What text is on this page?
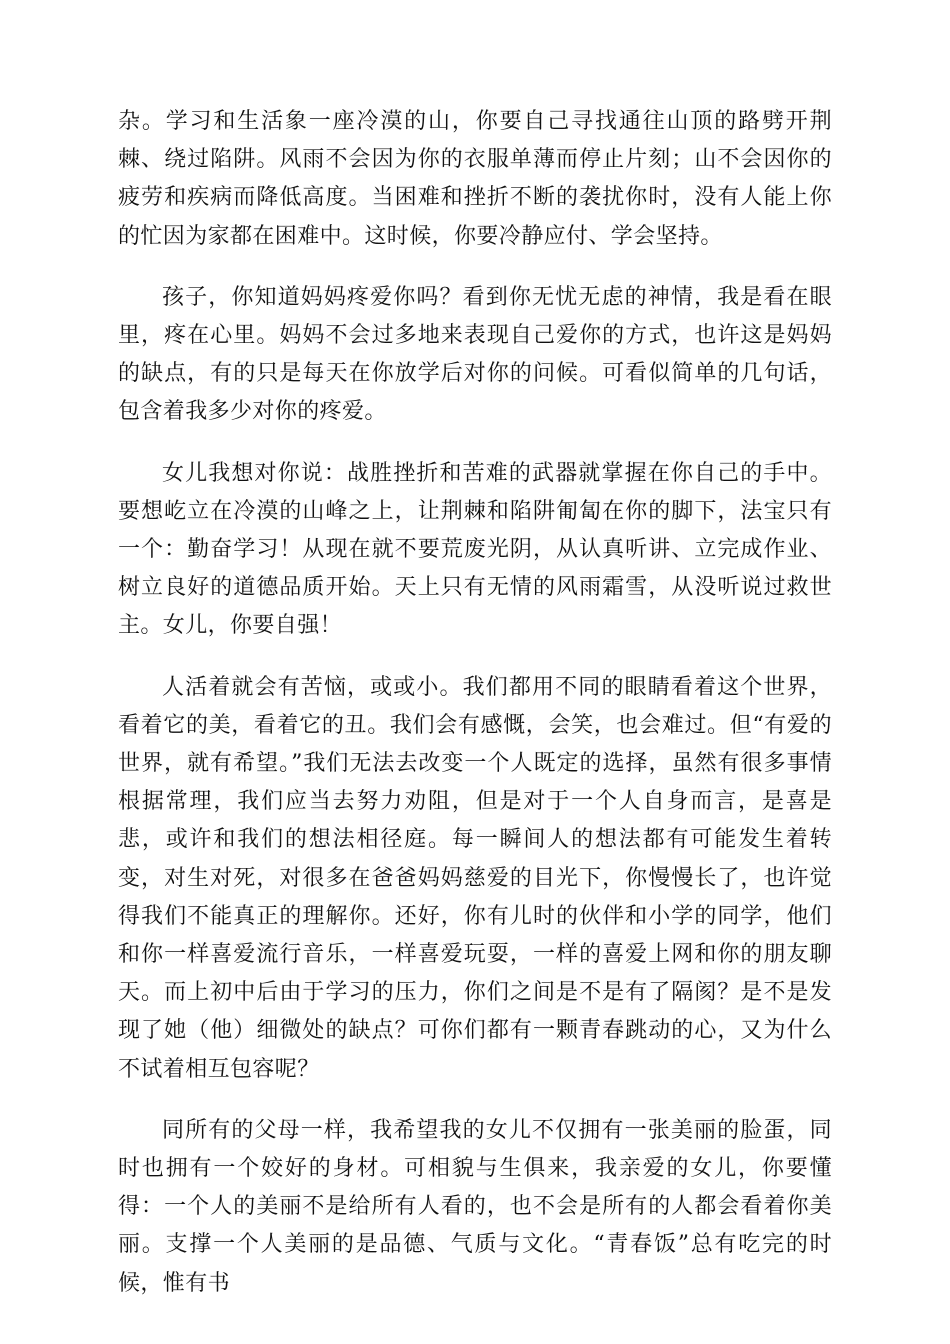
杂。学习和生活象一座冷漠的山，你要自己寻找通往山顶的路劈开荆棘、绕过陷阱。风雨不会因为你的衣服单薄而停止片刻；山不会因你的疲劳和疾病而降低高度。当困难和挫折不断的袭扰你时，没有人能上你的忙因为家都在困难中。这时候，你要冷静应付、学会坚持。

孩子，你知道妈妈疼爱你吗？看到你无忧无虑的神情，我是看在眼里，疼在心里。妈妈不会过多地来表现自己爱你的方式，也许这是妈妈的缺点，有的只是每天在你放学后对你的问候。可看似简单的几句话，包含着我多少对你的疼爱。

女儿我想对你说：战胜挫折和苦难的武器就掌握在你自己的手中。要想屹立在冷漠的山峰之上，让荆棘和陷阱匍匐在你的脚下，法宝只有一个：勤奋学习！从现在就不要荒废光阴，从认真听讲、立完成作业、树立良好的道德品质开始。天上只有无情的风雨霜雪，从没听说过救世主。女儿，你要自强！

人活着就会有苦恼，或或小。我们都用不同的眼睛看着这个世界，看着它的美，看着它的丑。我们会有感慨，会笑，也会难过。但“有爱的世界，就有希望。”我们无法去改变一个人既定的选择，虽然有很多事情根据常理，我们应当去努力劝阻，但是对于一个人自身而言，是喜是悲，或许和我们的想法相径庭。每一瞬间人的想法都有可能发生着转变，对生对死，对很多在爸爸妈妈慈爱的目光下，你慢慢长了，也许觉得我们不能真正的理解你。还好，你有儿时的伙伴和小学的同学，他们和你一样喜爱流行音乐，一样喜爱玩耍，一样的喜爱上网和你的朋友聊天。而上初中后由于学习的压力，你们之间是不是有了隔阂？是不是发现了她（他）细微处的缺点？可你们都有一颗青春跳动的心，又为什么不试着相互包容呢？

同所有的父母一样，我希望我的女儿不仅拥有一张美丽的脸蛋，同时也拥有一个姣好的身材。可相貌与生俱来，我亲爱的女儿，你要懂得：一个人的美丽不是给所有人看的，也不会是所有的人都会看着你美丽。支撑一个人美丽的是品德、气质与文化。“青春饭”总有吃完的时候，惟有书
